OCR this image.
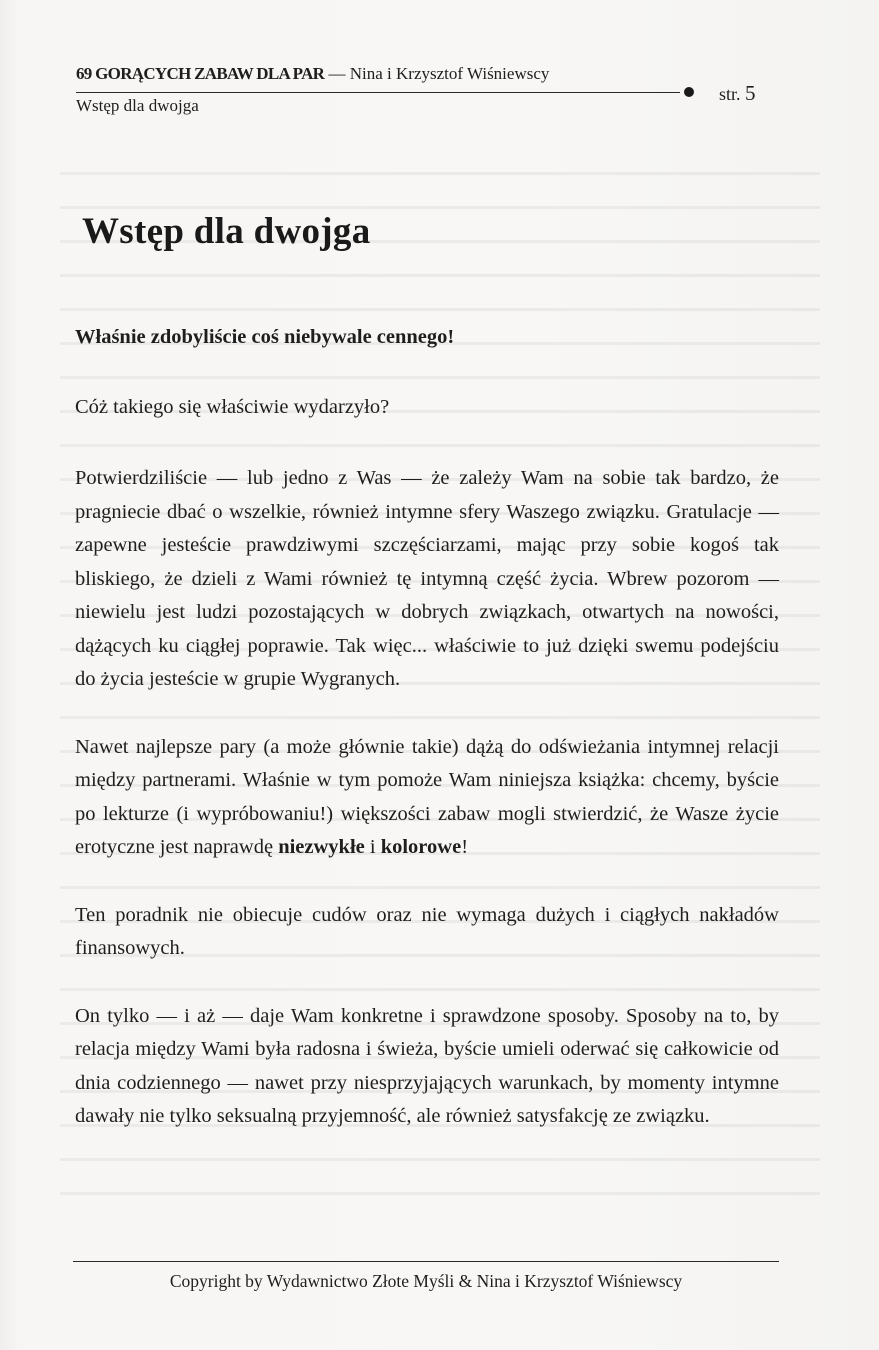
69 GORĄCYCH ZABAW DLA PAR — Nina i Krzysztof Wiśniewscy
str. 5
Wstęp dla dwojga
Wstęp dla dwojga

Właśnie zdobyliście coś niebywale cennego!

Cóż takiego się właściwie wydarzyło?

Potwierdziliście — lub jedno z Was — że zależy Wam na sobie tak bardzo, że pragniecie dbać o wszelkie, również intymne sfery Waszego związku. Gratulacje — zapewne jesteście prawdziwymi szczęściarzami, mając przy sobie kogoś tak bliskiego, że dzieli z Wami również tę intymną część życia. Wbrew pozorom — niewielu jest ludzi pozostających w dobrych związkach, otwartych na nowości, dążących ku ciągłej poprawie. Tak więc... właściwie to już dzięki swemu podejściu do życia jesteście w grupie Wygranych.

Nawet najlepsze pary (a może głównie takie) dążą do odświeżania intymnej relacji między partnerami. Właśnie w tym pomoże Wam niniejsza książka: chcemy, byście po lekturze (i wypróbowaniu!) większości zabaw mogli stwierdzić, że Wasze życie erotyczne jest naprawdę niezwykłe i kolorowe!

Ten poradnik nie obiecuje cudów oraz nie wymaga dużych i ciągłych nakładów finansowych.

On tylko — i aż — daje Wam konkretne i sprawdzone sposoby. Sposoby na to, by relacja między Wami była radosna i świeża, byście umieli oderwać się całkowicie od dnia codziennego — nawet przy niesprzyjających warunkach, by momenty intymne dawały nie tylko seksualną przyjemność, ale również satysfakcję ze związku.

Copyright by Wydawnictwo Złote Myśli & Nina i Krzysztof Wiśniewscy
